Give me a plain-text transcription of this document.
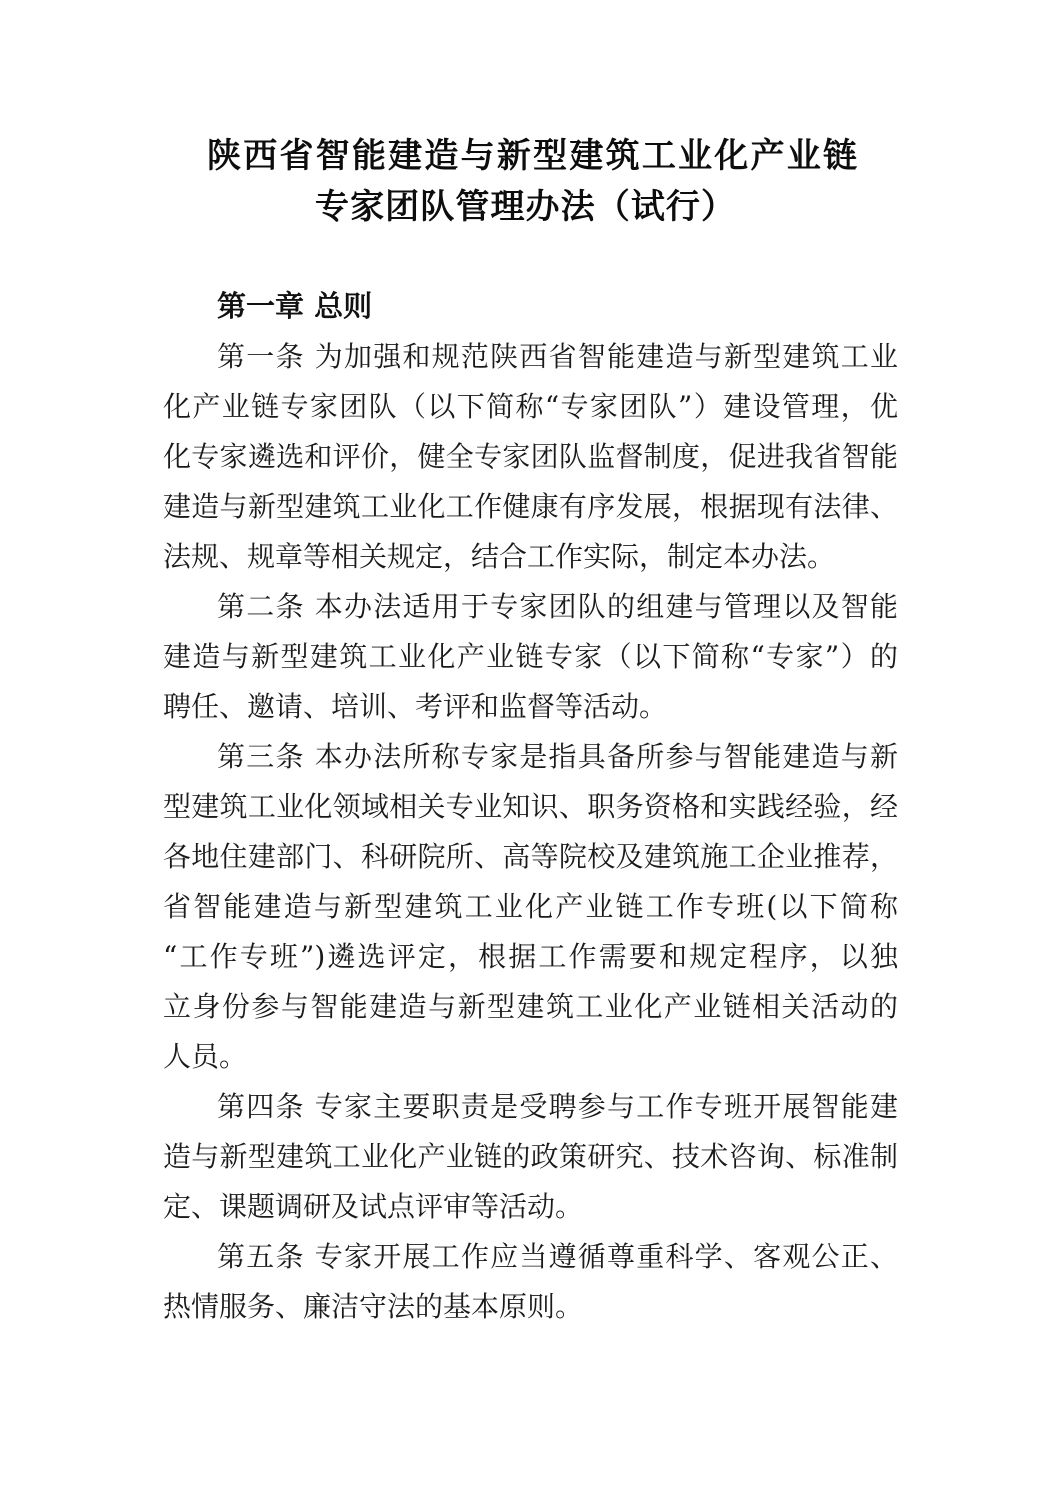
陕西省智能建造与新型建筑工业化产业链
专家团队管理办法（试行）
第一章 总则
第一条 为加强和规范陕西省智能建造与新型建筑工业
化产业链专家团队（以下简称“专家团队”）建设管理，优
化专家遴选和评价，健全专家团队监督制度，促进我省智能
建造与新型建筑工业化工作健康有序发展，根据现有法律、
法规、规章等相关规定，结合工作实际，制定本办法。
第二条 本办法适用于专家团队的组建与管理以及智能
建造与新型建筑工业化产业链专家（以下简称“专家”）的
聘任、邀请、培训、考评和监督等活动。
第三条 本办法所称专家是指具备所参与智能建造与新
型建筑工业化领域相关专业知识、职务资格和实践经验，经
各地住建部门、科研院所、高等院校及建筑施工企业推荐，
省智能建造与新型建筑工业化产业链工作专班(以下简称
“工作专班”)遴选评定，根据工作需要和规定程序，以独
立身份参与智能建造与新型建筑工业化产业链相关活动的
人员。
第四条 专家主要职责是受聘参与工作专班开展智能建
造与新型建筑工业化产业链的政策研究、技术咨询、标准制
定、课题调研及试点评审等活动。
第五条 专家开展工作应当遵循尊重科学、客观公正、
热情服务、廉洁守法的基本原则。
